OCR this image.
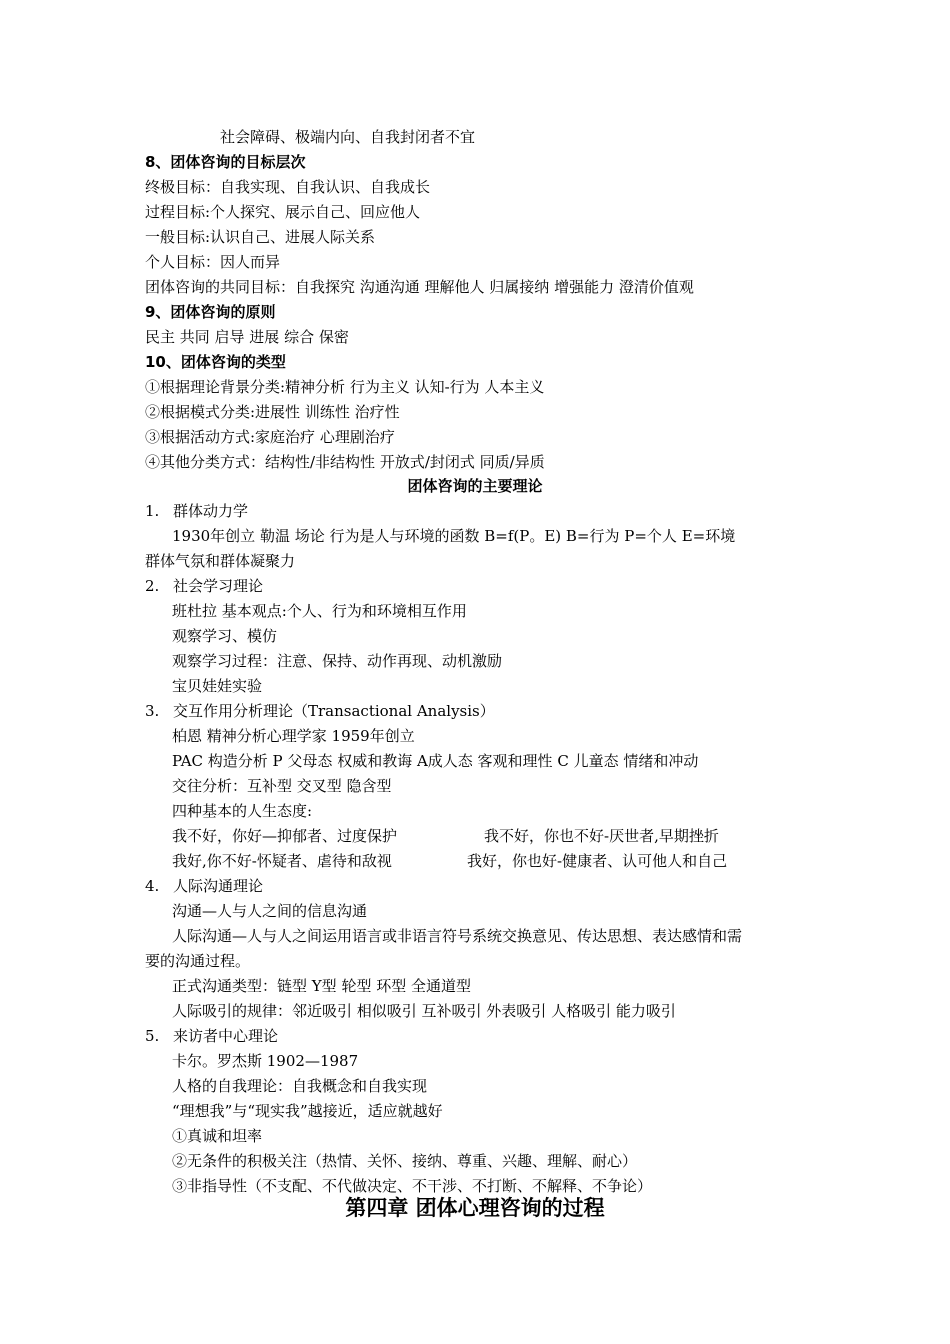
社会障碍、极端内向、自我封闭者不宜
8、团体咨询的目标层次
终极目标：自我实现、自我认识、自我成长
过程目标:个人探究、展示自己、回应他人
一般目标:认识自己、进展人际关系
个人目标：因人而异
团体咨询的共同目标：自我探究 沟通沟通 理解他人 归属接纳 增强能力 澄清价值观
9、团体咨询的原则
民主 共同 启导 进展 综合 保密
10、团体咨询的类型
①根据理论背景分类:精神分析 行为主义 认知-行为 人本主义
②根据模式分类:进展性 训练性 治疗性
③根据活动方式:家庭治疗 心理剧治疗
④其他分类方式：结构性/非结构性 开放式/封闭式 同质/异质
团体咨询的主要理论
1. 群体动力学
1930年创立 勒温 场论 行为是人与环境的函数 B=f(P。E) B=行为 P=个人 E=环境
群体气氛和群体凝聚力
2. 社会学习理论
班杜拉 基本观点:个人、行为和环境相互作用
观察学习、模仿
观察学习过程：注意、保持、动作再现、动机激励
宝贝娃娃实验
3. 交互作用分析理论（Transactional Analysis）
柏恩 精神分析心理学家 1959年创立
PAC 构造分析 P 父母态 权威和教诲 A成人态 客观和理性 C 儿童态 情绪和冲动
交往分析：互补型 交叉型 隐含型
四种基本的人生态度:
我不好，你好—抑郁者、过度保护	我不好，你也不好-厌世者,早期挫折
我好,你不好-怀疑者、虐待和敌视	我好，你也好-健康者、认可他人和自己
4. 人际沟通理论
沟通—人与人之间的信息沟通
人际沟通—人与人之间运用语言或非语言符号系统交换意见、传达思想、表达感情和需
要的沟通过程。
正式沟通类型：链型 Y型 轮型 环型 全通道型
人际吸引的规律：邻近吸引 相似吸引 互补吸引 外表吸引 人格吸引 能力吸引
5. 来访者中心理论
卡尔。罗杰斯 1902—1987
人格的自我理论：自我概念和自我实现
“理想我”与“现实我”越接近，适应就越好
①真诚和坦率
②无条件的积极关注（热情、关怀、接纳、尊重、兴趣、理解、耐心）
③非指导性（不支配、不代做决定、不干涉、不打断、不解释、不争论）
第四章 团体心理咨询的过程
